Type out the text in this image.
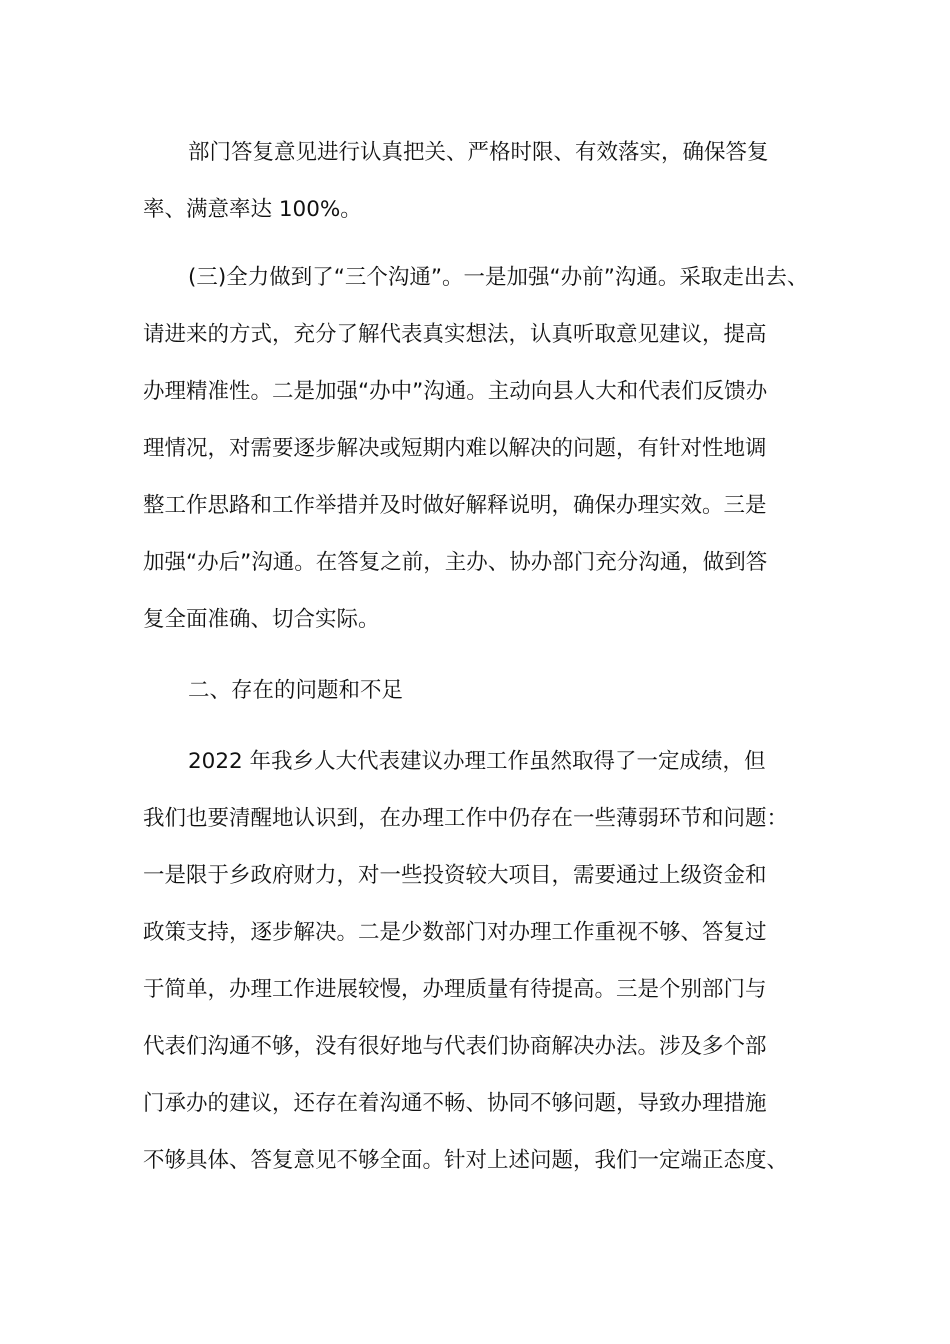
部门答复意见进行认真把关、严格时限、有效落实，确保答复
率、满意率达 100%。
(三)全力做到了“三个沟通”。一是加强“办前”沟通。采取走出去、
请进来的方式，充分了解代表真实想法，认真听取意见建议，提高
办理精准性。二是加强“办中”沟通。主动向县人大和代表们反馈办
理情况，对需要逐步解决或短期内难以解决的问题，有针对性地调
整工作思路和工作举措并及时做好解释说明，确保办理实效。三是
加强“办后”沟通。在答复之前，主办、协办部门充分沟通，做到答
复全面准确、切合实际。
二、存在的问题和不足
2022 年我乡人大代表建议办理工作虽然取得了一定成绩，但
我们也要清醒地认识到，在办理工作中仍存在一些薄弱环节和问题：
一是限于乡政府财力，对一些投资较大项目，需要通过上级资金和
政策支持，逐步解决。二是少数部门对办理工作重视不够、答复过
于简单，办理工作进展较慢，办理质量有待提高。三是个别部门与
代表们沟通不够，没有很好地与代表们协商解决办法。涉及多个部
门承办的建议，还存在着沟通不畅、协同不够问题，导致办理措施
不够具体、答复意见不够全面。针对上述问题，我们一定端正态度、
